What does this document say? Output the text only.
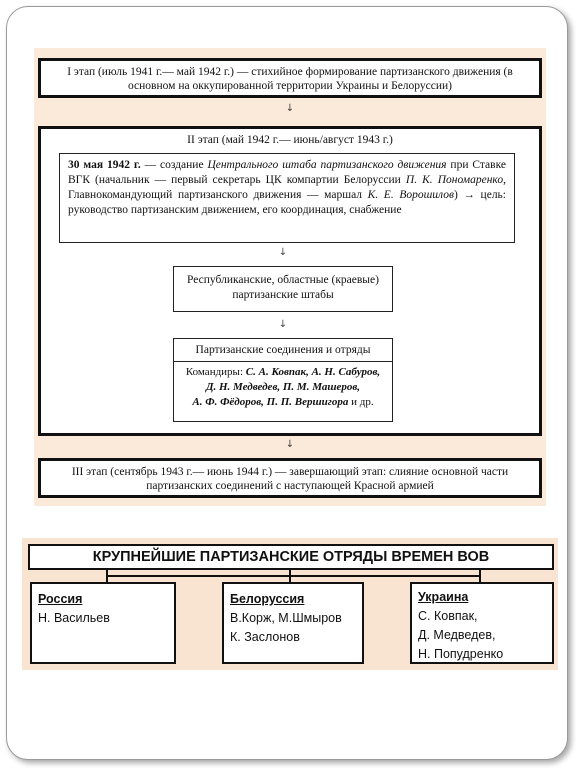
I этап (июль 1941 г.— май 1942 г.) — стихийное формирование партизанского движения (в
основном на оккупированной территории Украины и Белоруссии)
↓
II этап (май 1942 г.— июнь/август 1943 г.)
30 мая 1942 г. — создание Центрального штаба партизанского движения при Ставке ВГК (начальник — первый секретарь ЦК компартии Белоруссии П. К. Пономаренко, Главнокомандующий партизанского движения — маршал К. Е. Ворошилов) → цель: руководство партизанским движением, его координация, снабжение
↓
Республиканские, областные (краевые)
партизанские штабы
↓
Партизанские соединения и отряды
Командиры: С. А. Ковпак, А. Н. Сабуров,
Д. Н. Медведев, П. М. Машеров,
А. Ф. Фёдоров, П. П. Вершигора и др.
↓
III этап (сентябрь 1943 г.— июнь 1944 г.) — завершающий этап: слияние основной части
партизанских соединений с наступающей Красной армией
КРУПНЕЙШИЕ ПАРТИЗАНСКИЕ ОТРЯДЫ ВРЕМЕН ВОВ
Россия
Н. Васильев
Белоруссия
В.Корж, М.Шмыров
К. Заслонов
Украина
С. Ковпак,
Д. Медведев,
Н. Попудренко
